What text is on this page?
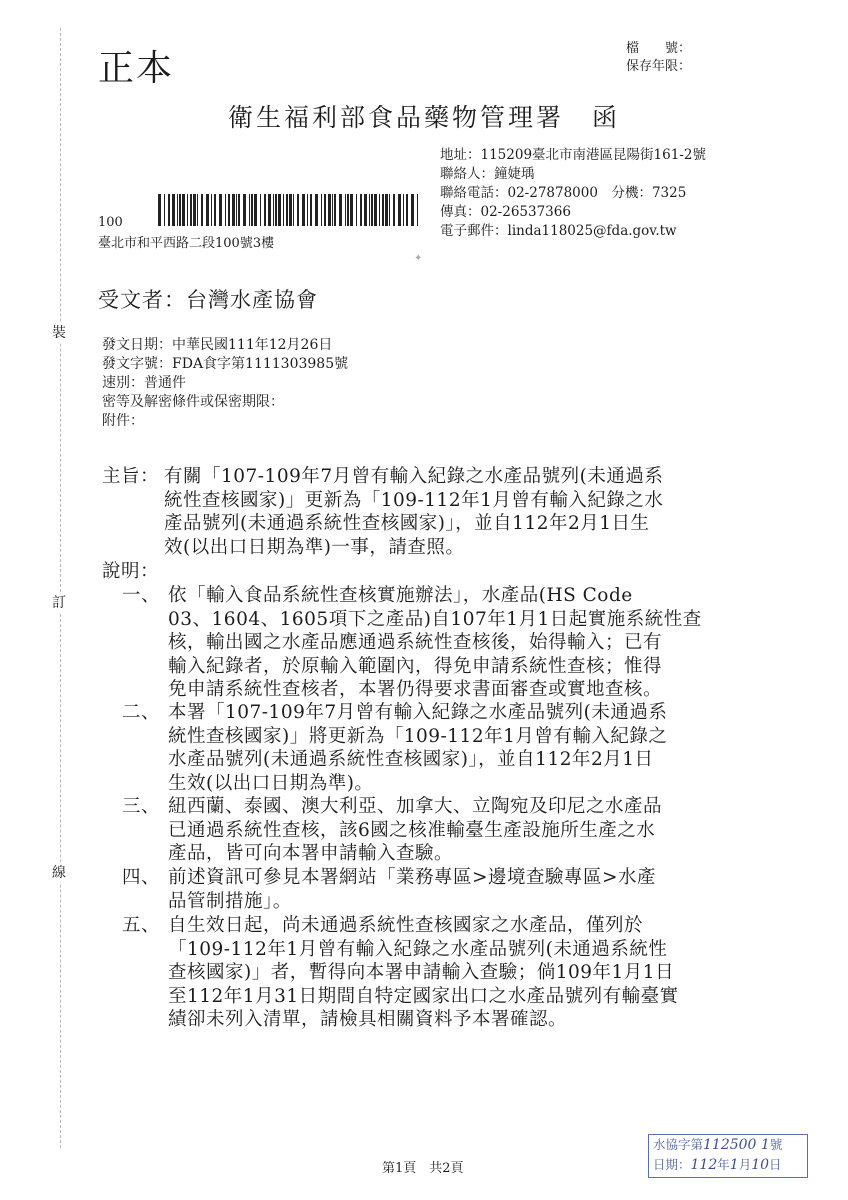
裝
訂
線
正本	檔　　號：
保存年限：
衛生福利部食品藥物管理署　函
地址：115209臺北市南港區昆陽街161-2號
聯絡人：鐘婕瑀
聯絡電話：02-27878000　分機：7325
傳真：02-26537366
電子郵件：linda118025@fda.gov.tw
100
臺北市和平西路二段100號3樓
✦
受文者：台灣水產協會
發文日期：中華民國111年12月26日
發文字號：FDA食字第1111303985號
速別：普通件
密等及解密條件或保密期限：
附件：
主旨： 有關「107-109年7月曾有輸入紀錄之水產品號列(未通過系
統性查核國家)」更新為「109-112年1月曾有輸入紀錄之水
產品號列(未通過系統性查核國家)」，並自112年2月1日生
效(以出口日期為準)一事，請查照。
說明：
一、 依「輸入食品系統性查核實施辦法」，水產品(HS Code
03、1604、1605項下之產品)自107年1月1日起實施系統性查
核，輸出國之水產品應通過系統性查核後，始得輸入；已有
輸入紀錄者，於原輸入範圍內，得免申請系統性查核；惟得
免申請系統性查核者，本署仍得要求書面審查或實地查核。
二、 本署「107-109年7月曾有輸入紀錄之水產品號列(未通過系
統性查核國家)」將更新為「109-112年1月曾有輸入紀錄之
水產品號列(未通過系統性查核國家)」，並自112年2月1日
生效(以出口日期為準)。
三、 紐西蘭、泰國、澳大利亞、加拿大、立陶宛及印尼之水產品
已通過系統性查核，該6國之核准輸臺生產設施所生產之水
產品，皆可向本署申請輸入查驗。
四、 前述資訊可參見本署網站「業務專區>邊境查驗專區>水產
品管制措施」。
五、 自生效日起，尚未通過系統性查核國家之水產品，僅列於
「109-112年1月曾有輸入紀錄之水產品號列(未通過系統性
查核國家)」者，暫得向本署申請輸入查驗；倘109年1月1日
至112年1月31日期間自特定國家出口之水產品號列有輸臺實
績卻未列入清單，請檢具相關資料予本署確認。
水協字第112500 1號
日期：112年1月10日
第1頁　共2頁
